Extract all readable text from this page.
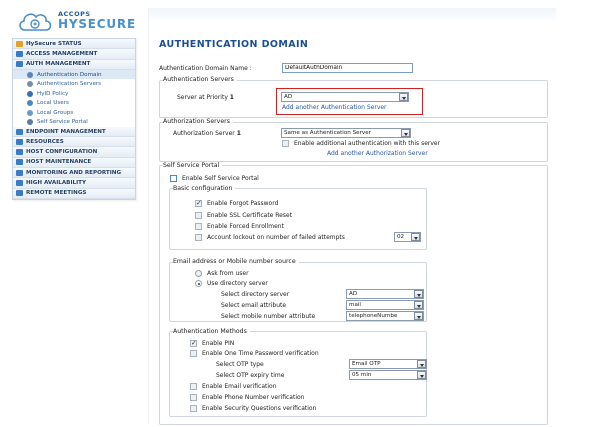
ACCOPS
HYSECURE
HySecure STATUS
ACCESS MANAGEMENT
AUTH MANAGEMENT
Authentication Domain
Authentication Servers
HyID Policy
Local Users
Local Groups
Self Service Portal
ENDPOINT MANAGEMENT
RESOURCES
HOST CONFIGURATION
HOST MAINTENANCE
MONITORING AND REPORTING
HIGH AVAILABILITY
REMOTE MEETINGS
AUTHENTICATION DOMAIN
Authentication Domain Name :
DefaultAuthDomain
Authentication Servers
Server at Priority 1	AD
Add another Authentication Server
Authorization Servers
Authorization Server 1	Same as Authentication Server
Enable additional authentication with this server
Add another Authorization Server
Self Service Portal
Enable Self Service Portal
Basic configuration
✓
Enable Forgot Password
Enable SSL Certificate Reset
Enable Forced Enrollment
Account lockout on number of failed attempts	02
Email address or Mobile number source
Ask from user
Use directory server
Select directory server	AD
Select email attribute	mail
Select mobile number attribute	telephoneNumbe
Authentication Methods
✓
Enable PIN
Enable One Time Password verification
Select OTP type	Email OTP
Select OTP expiry time	05 min
Enable Email verification
Enable Phone Number verification
Enable Security Questions verification
